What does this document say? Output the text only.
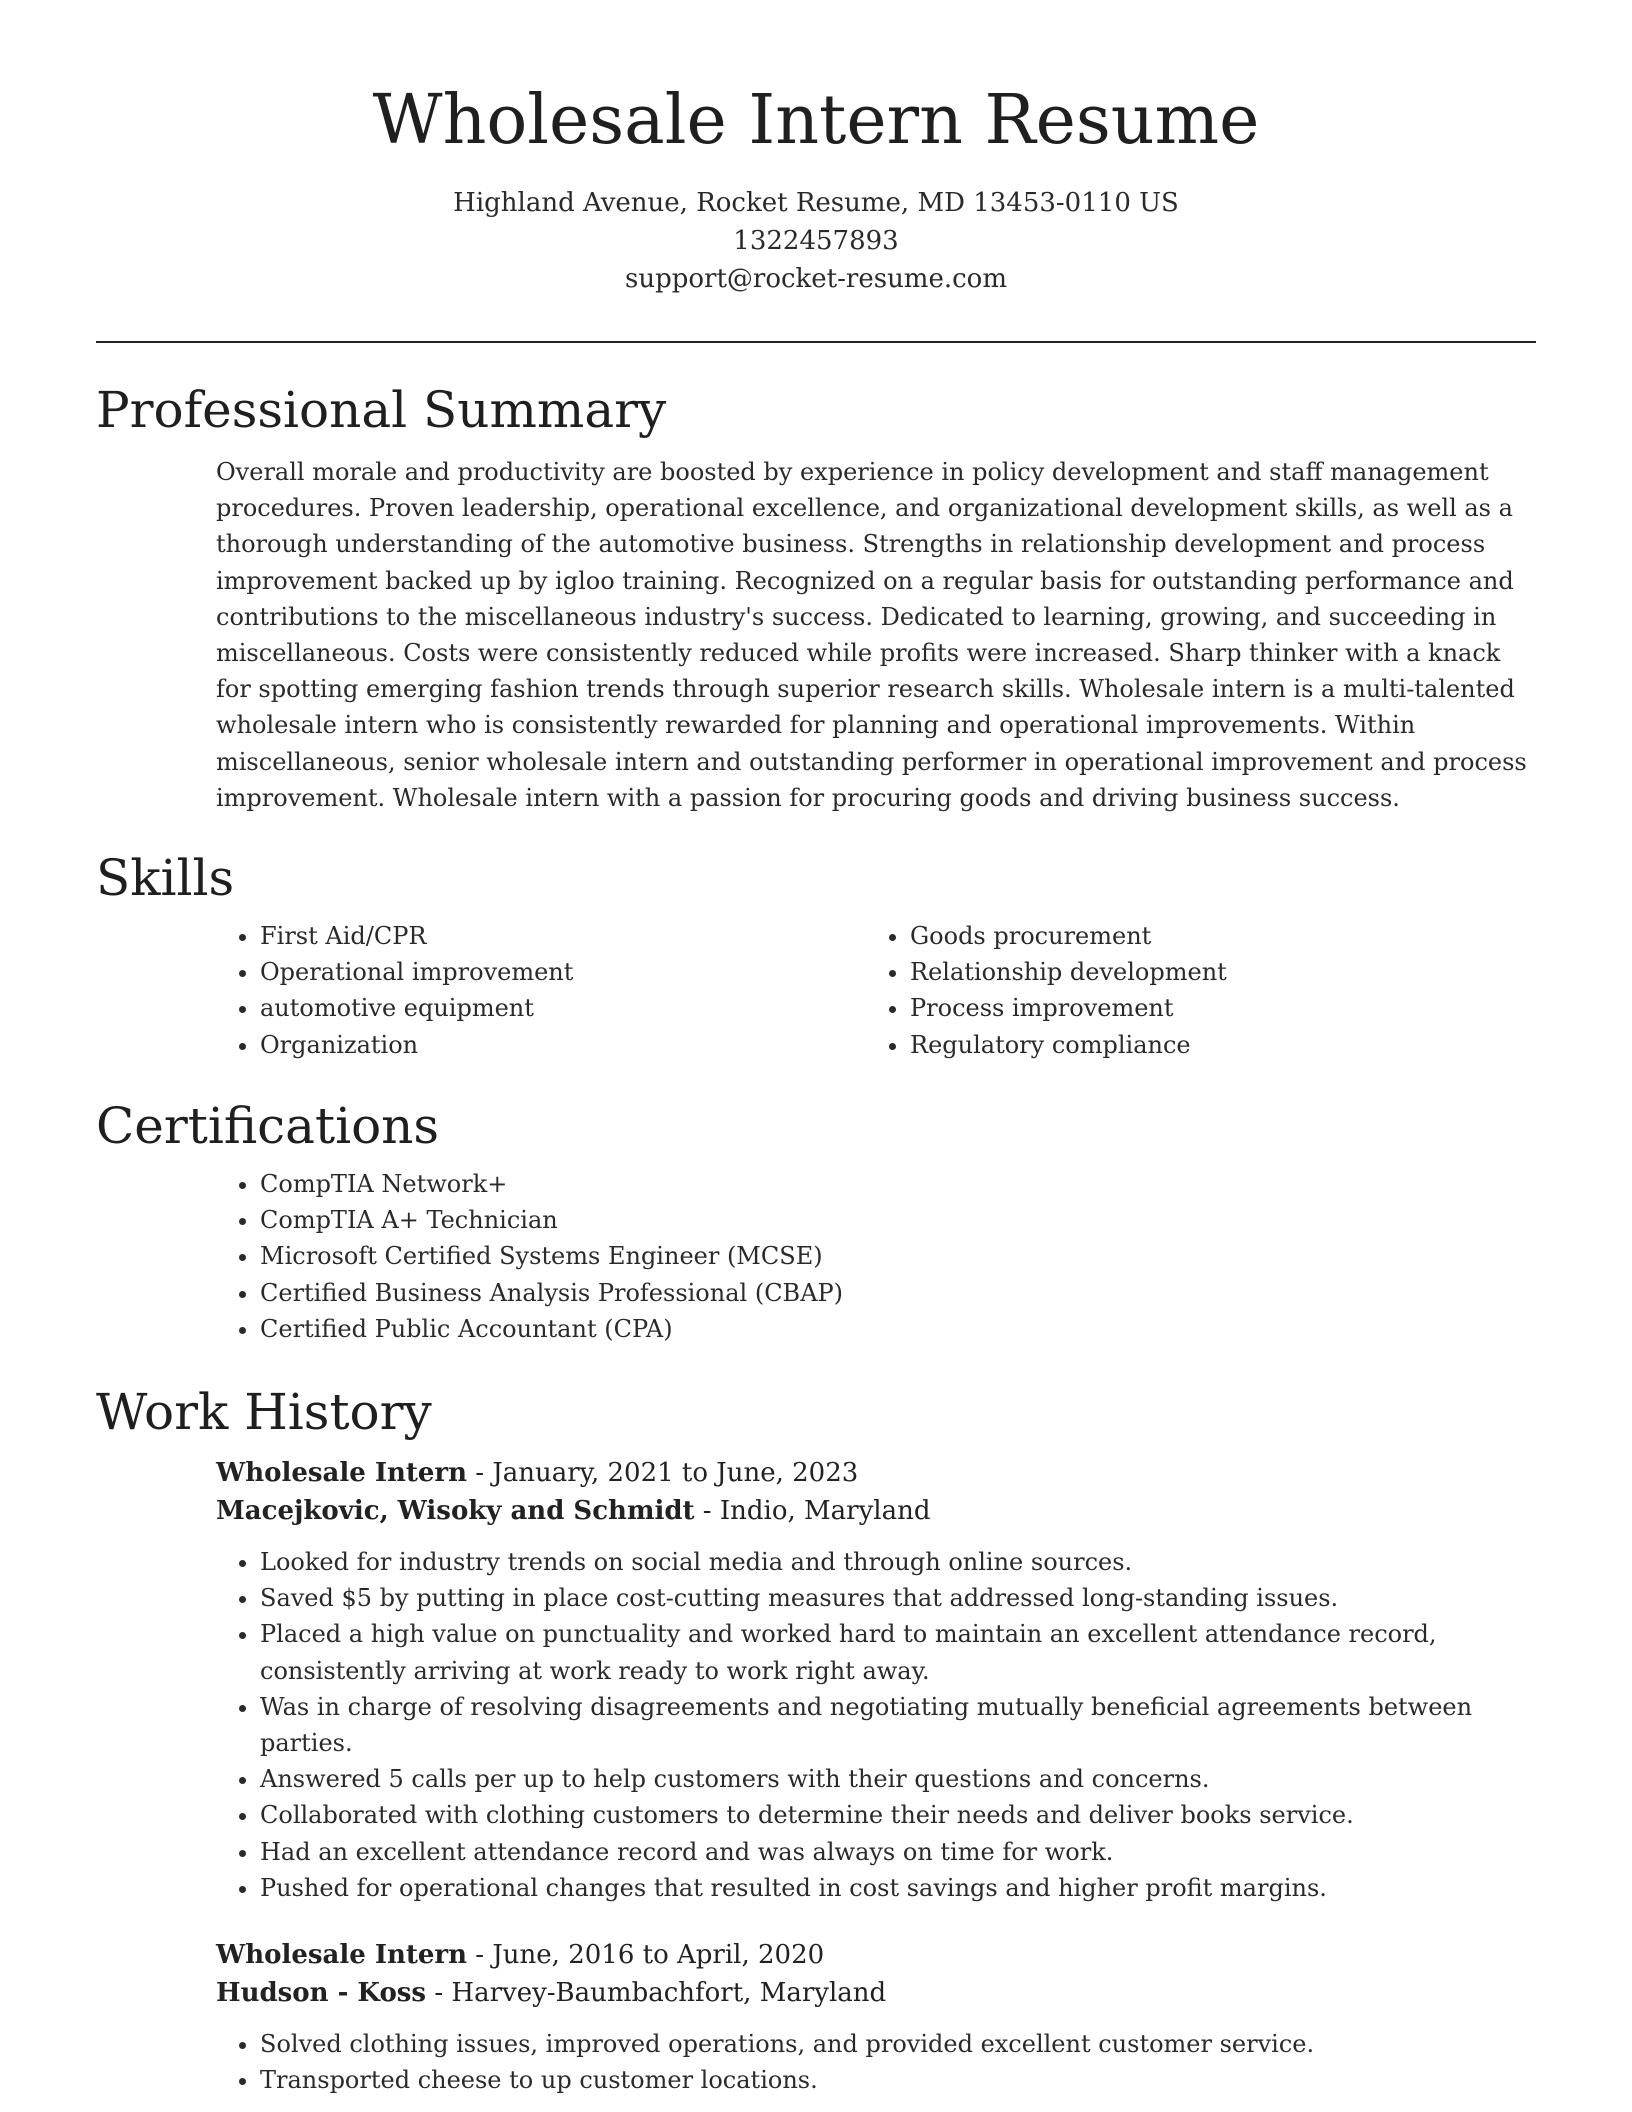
Wholesale Intern Resume
Highland Avenue, Rocket Resume, MD 13453-0110 US
1322457893
support@rocket-resume.com
Professional Summary
Overall morale and productivity are boosted by experience in policy development and staff management procedures. Proven leadership, operational excellence, and organizational development skills, as well as a thorough understanding of the automotive business. Strengths in relationship development and process improvement backed up by igloo training. Recognized on a regular basis for outstanding performance and contributions to the miscellaneous industry's success. Dedicated to learning, growing, and succeeding in miscellaneous. Costs were consistently reduced while profits were increased. Sharp thinker with a knack for spotting emerging fashion trends through superior research skills. Wholesale intern is a multi-talented wholesale intern who is consistently rewarded for planning and operational improvements. Within miscellaneous, senior wholesale intern and outstanding performer in operational improvement and process improvement. Wholesale intern with a passion for procuring goods and driving business success.
Skills
• First Aid/CPR
• Operational improvement
• automotive equipment
• Organization
• Goods procurement
• Relationship development
• Process improvement
• Regulatory compliance
Certifications
• CompTIA Network+
• CompTIA A+ Technician
• Microsoft Certified Systems Engineer (MCSE)
• Certified Business Analysis Professional (CBAP)
• Certified Public Accountant (CPA)
Work History
Wholesale Intern - January, 2021 to June, 2023
Macejkovic, Wisoky and Schmidt - Indio, Maryland
• Looked for industry trends on social media and through online sources.
• Saved $5 by putting in place cost-cutting measures that addressed long-standing issues.
• Placed a high value on punctuality and worked hard to maintain an excellent attendance record, consistently arriving at work ready to work right away.
• Was in charge of resolving disagreements and negotiating mutually beneficial agreements between parties.
• Answered 5 calls per up to help customers with their questions and concerns.
• Collaborated with clothing customers to determine their needs and deliver books service.
• Had an excellent attendance record and was always on time for work.
• Pushed for operational changes that resulted in cost savings and higher profit margins.
Wholesale Intern - June, 2016 to April, 2020
Hudson - Koss - Harvey-Baumbachfort, Maryland
• Solved clothing issues, improved operations, and provided excellent customer service.
• Transported cheese to up customer locations.
